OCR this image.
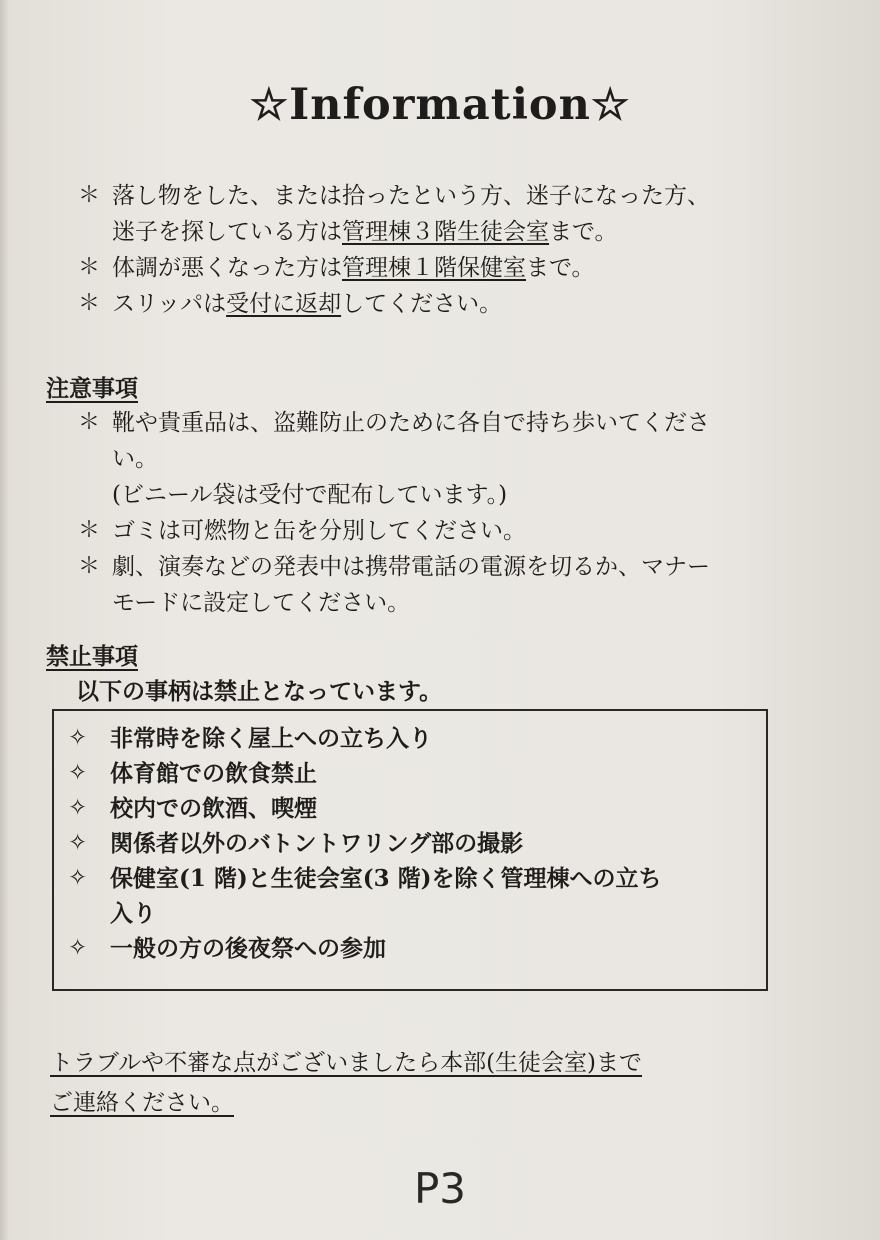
☆Information☆
＊ 落し物をした、または拾ったという方、迷子になった方、
迷子を探している方は管理棟３階生徒会室まで。
＊ 体調が悪くなった方は管理棟１階保健室まで。
＊ スリッパは受付に返却してください。
注意事項
＊ 靴や貴重品は、盗難防止のために各自で持ち歩いてくださ
い。
(ビニール袋は受付で配布しています。)
＊ ゴミは可燃物と缶を分別してください。
＊ 劇、演奏などの発表中は携帯電話の電源を切るか、マナー
モードに設定してください。
禁止事項
以下の事柄は禁止となっています。
✧ 非常時を除く屋上への立ち入り
✧ 体育館での飲食禁止
✧ 校内での飲酒、喫煙
✧ 関係者以外のバトントワリング部の撮影
✧ 保健室(1 階)と生徒会室(3 階)を除く管理棟への立ち
入り
✧ 一般の方の後夜祭への参加
トラブルや不審な点がございましたら本部(生徒会室)まで
ご連絡ください。
P3
